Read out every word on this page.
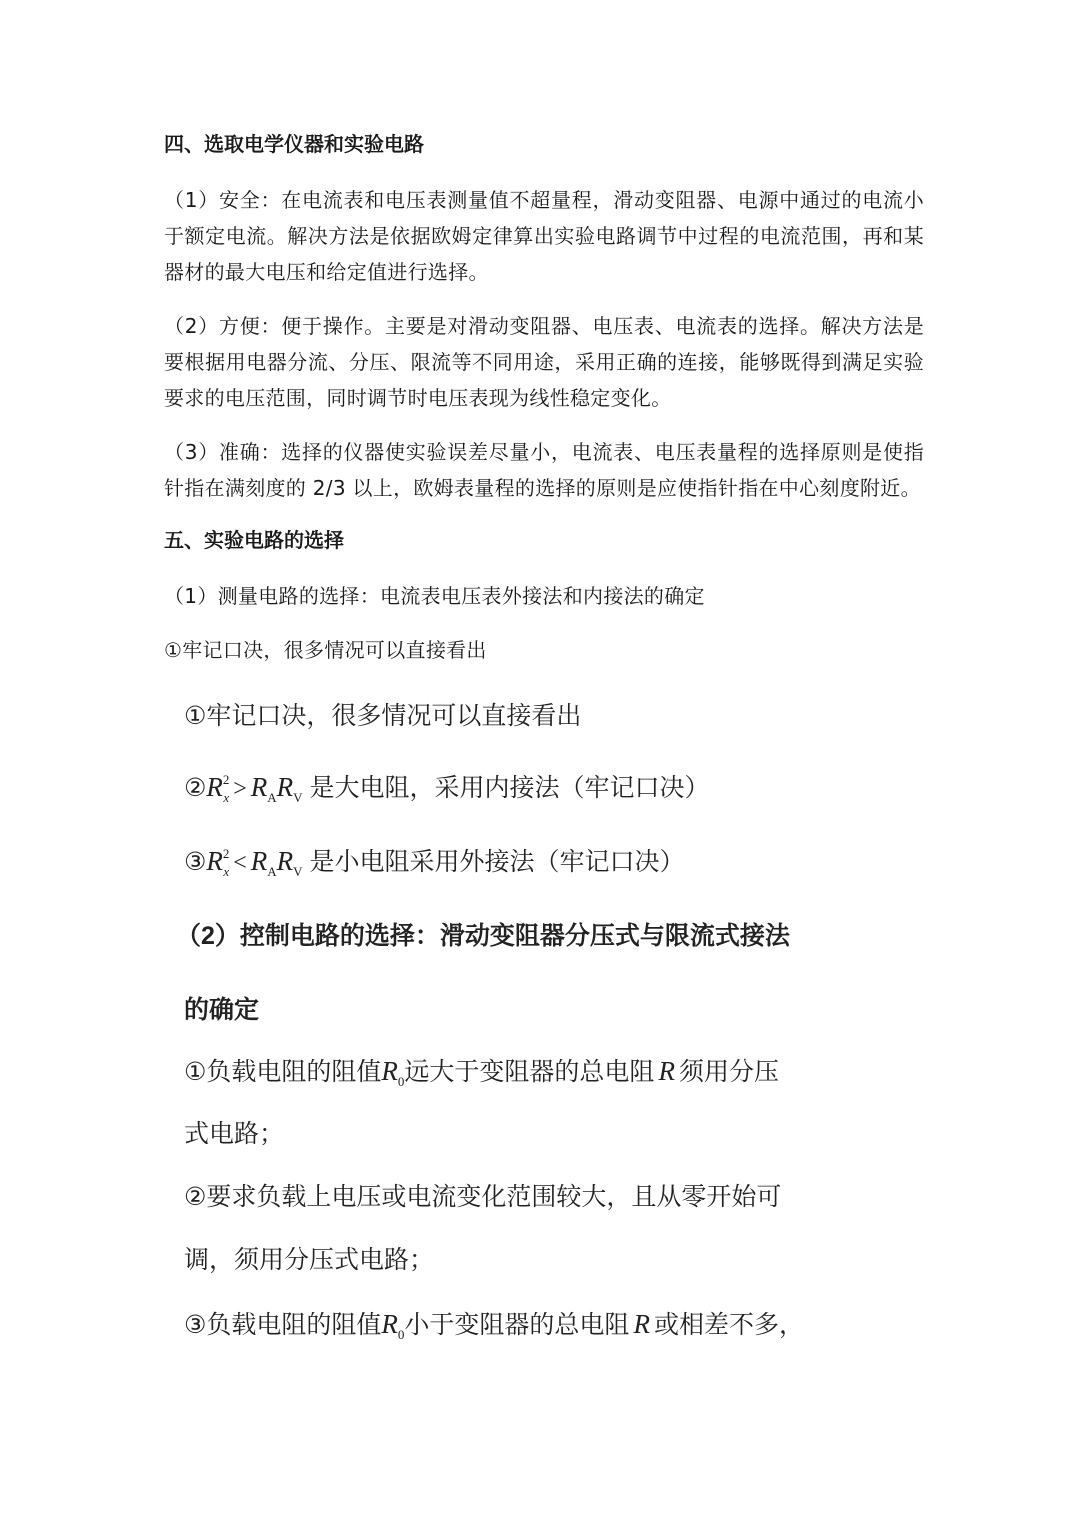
四、选取电学仪器和实验电路

（1）安全：在电流表和电压表测量值不超量程，滑动变阻器、电源中通过的电流小于额定电流。解决方法是依据欧姆定律算出实验电路调节中过程的电流范围，再和某器材的最大电压和给定值进行选择。

（2）方便：便于操作。主要是对滑动变阻器、电压表、电流表的选择。解决方法是要根据用电器分流、分压、限流等不同用途，采用正确的连接，能够既得到满足实验要求的电压范围，同时调节时电压表现为线性稳定变化。

（3）准确：选择的仪器使实验误差尽量小，电流表、电压表量程的选择原则是使指针指在满刻度的 2/3 以上，欧姆表量程的选择的原则是应使指针指在中心刻度附近。

五、实验电路的选择

（1）测量电路的选择：电流表电压表外接法和内接法的确定

①牢记口决，很多情况可以直接看出

①牢记口决，很多情况可以直接看出
$②R^2_x > R_AR_V$ 是大电阻，采用内接法（牢记口决）
$③R^2_x < R_AR_V$ 是小电阻采用外接法（牢记口决）
（2）控制电路的选择：滑动变阻器分压式与限流式接法
的确定
①负载电阻的阻值$R_0$远大于变阻器的总电阻 R 须用分压
式电路；
②要求负载上电压或电流变化范围较大，且从零开始可
调，须用分压式电路；
③负载电阻的阻值$R_0$小于变阻器的总电阻 R 或相差不多，
